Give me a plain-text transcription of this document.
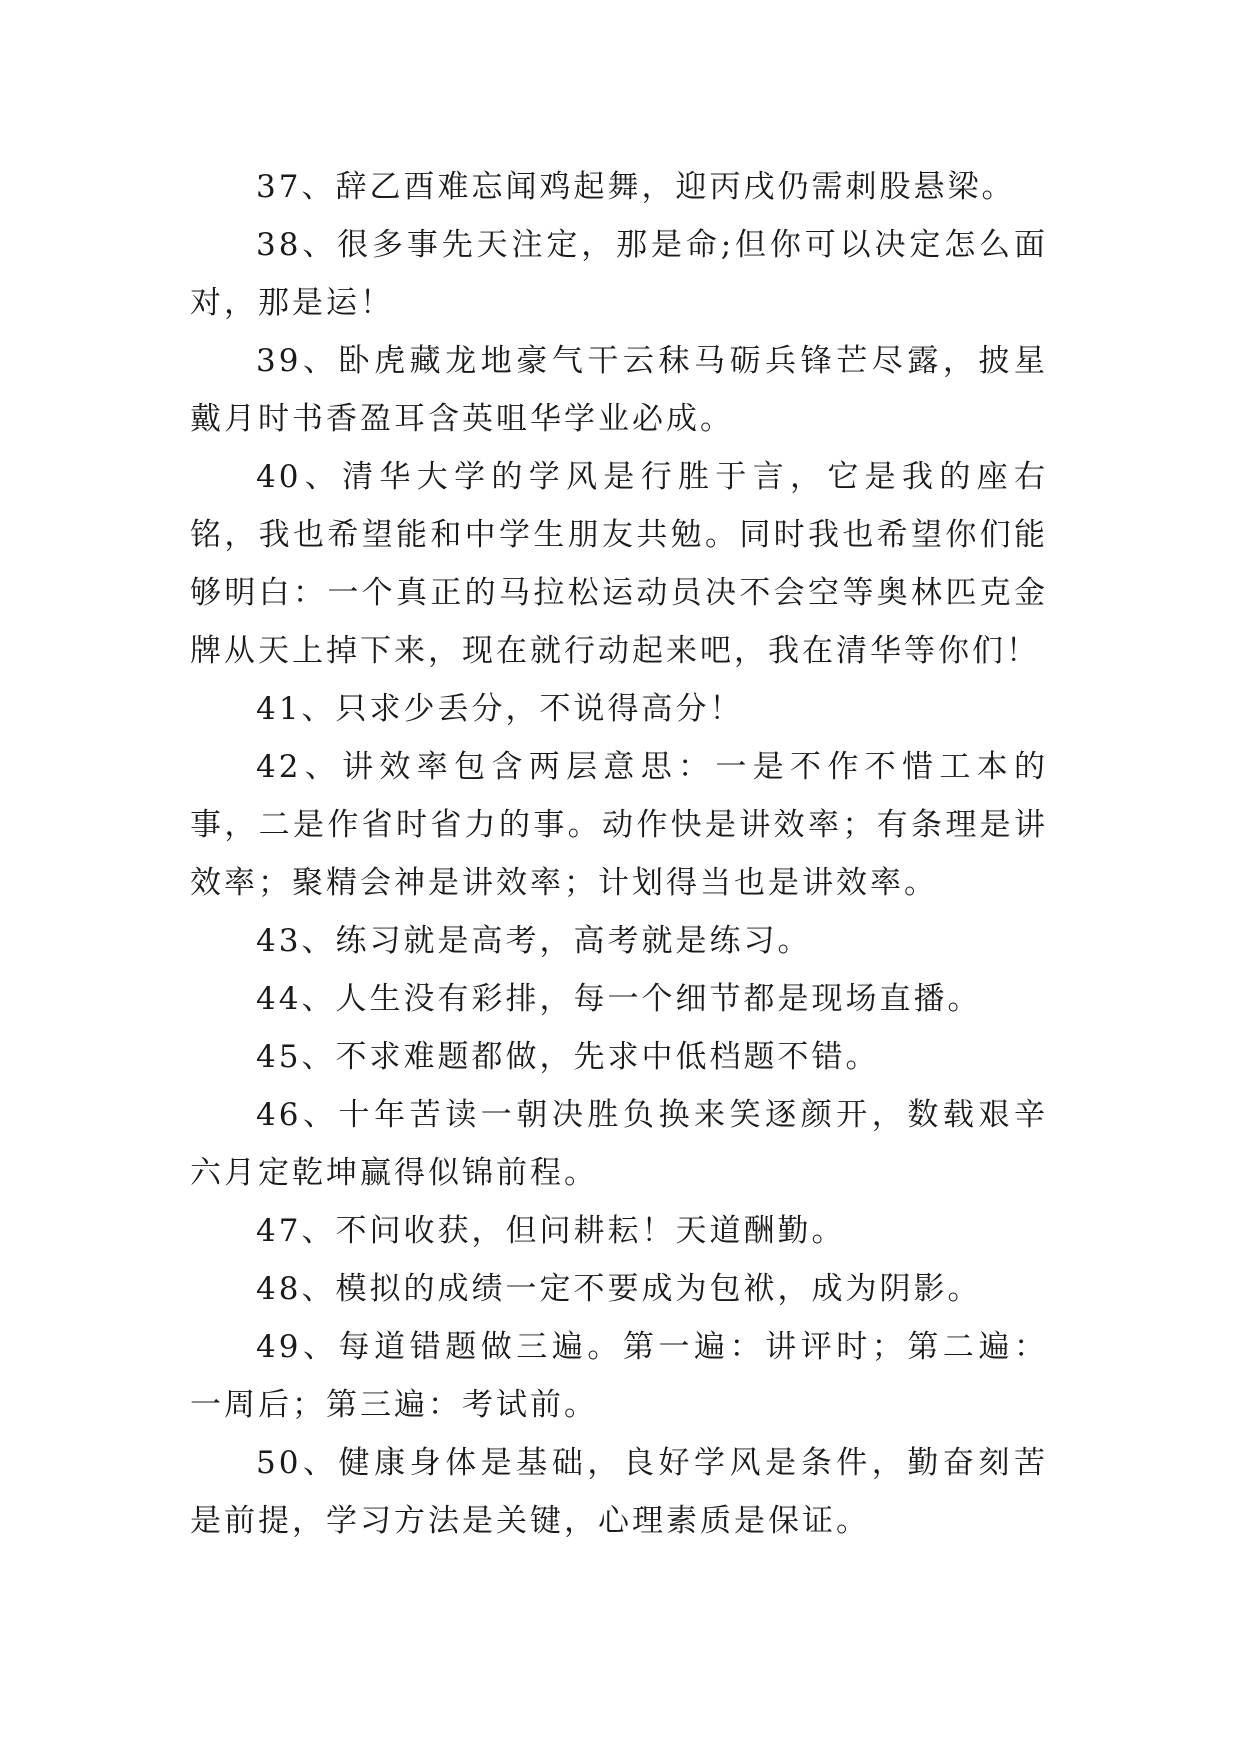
37、辞乙酉难忘闻鸡起舞，迎丙戌仍需刺股悬梁。

38、很多事先天注定，那是命;但你可以决定怎么面对，那是运！

39、卧虎藏龙地豪气干云秣马砺兵锋芒尽露，披星戴月时书香盈耳含英咀华学业必成。

40、清华大学的学风是行胜于言，它是我的座右铭，我也希望能和中学生朋友共勉。同时我也希望你们能够明白：一个真正的马拉松运动员决不会空等奥林匹克金牌从天上掉下来，现在就行动起来吧，我在清华等你们！

41、只求少丢分，不说得高分！

42、讲效率包含两层意思：一是不作不惜工本的事，二是作省时省力的事。动作快是讲效率；有条理是讲效率；聚精会神是讲效率；计划得当也是讲效率。

43、练习就是高考，高考就是练习。

44、人生没有彩排，每一个细节都是现场直播。

45、不求难题都做，先求中低档题不错。

46、十年苦读一朝决胜负换来笑逐颜开，数载艰辛六月定乾坤赢得似锦前程。

47、不问收获，但问耕耘！天道酬勤。

48、模拟的成绩一定不要成为包袱，成为阴影。

49、每道错题做三遍。第一遍：讲评时；第二遍：一周后；第三遍：考试前。

50、健康身体是基础，良好学风是条件，勤奋刻苦是前提，学习方法是关键，心理素质是保证。
